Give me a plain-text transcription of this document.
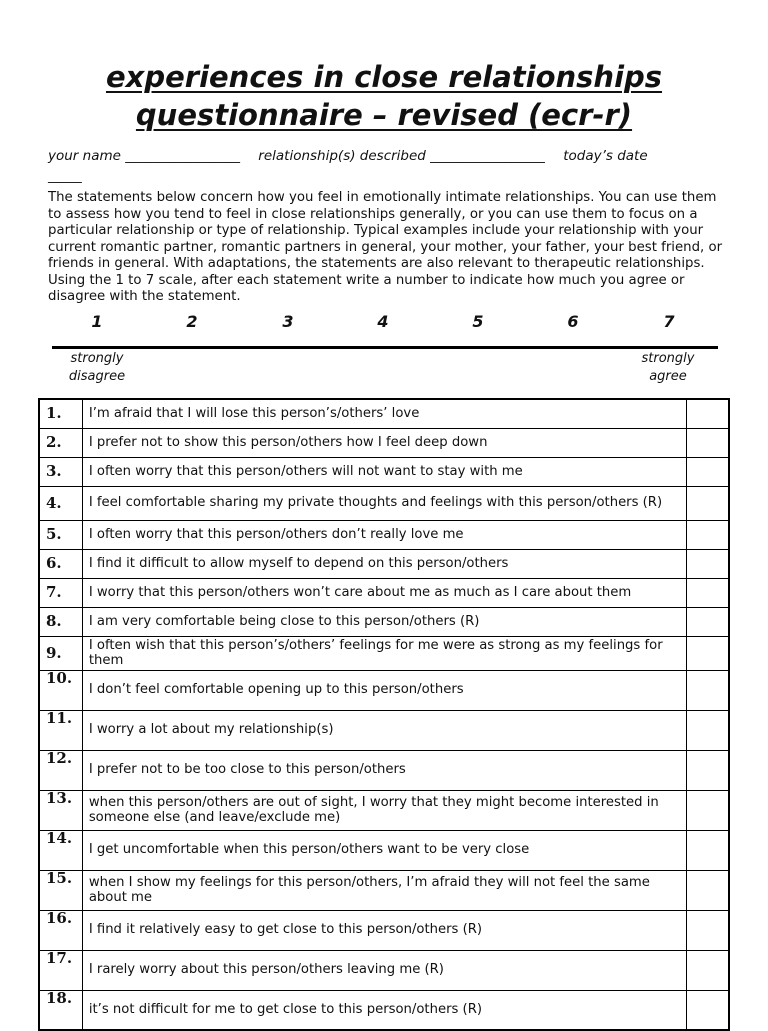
experiences in close relationships
questionnaire – revised (ecr-r)
your name _________________ relationship(s) described _________________ today’s date
_____
The statements below concern how you feel in emotionally intimate relationships. You can use them to assess how you tend to feel in close relationships generally, or you can use them to focus on a particular relationship or type of relationship. Typical examples include your relationship with your current romantic partner, romantic partners in general, your mother, your father, your best friend, or friends in general. With adaptations, the statements are also relevant to therapeutic relationships. Using the 1 to 7 scale, after each statement write a number to indicate how much you agree or disagree with the statement.
1	2	3	4	5	6	7
strongly disagree
strongly agree
1.	I’m afraid that I will lose this person’s/others’ love	
2.	I prefer not to show this person/others how I feel deep down	
3.	I often worry that this person/others will not want to stay with me	
4.	I feel comfortable sharing my private thoughts and feelings with this person/others (R)	
5.	I often worry that this person/others don’t really love me	
6.	I find it difficult to allow myself to depend on this person/others	
7.	I worry that this person/others won’t care about me as much as I care about them	
8.	I am very comfortable being close to this person/others (R)	
9.	I often wish that this person’s/others’ feelings for me were as strong as my feelings for them	
10.	I don’t feel comfortable opening up to this person/others	
11.	I worry a lot about my relationship(s)	
12.	I prefer not to be too close to this person/others	
13.	when this person/others are out of sight, I worry that they might become interested in someone else (and leave/exclude me)	
14.	I get uncomfortable when this person/others want to be very close	
15.	when I show my feelings for this person/others, I’m afraid they will not feel the same about me	
16.	I find it relatively easy to get close to this person/others (R)	
17.	I rarely worry about this person/others leaving me (R)	
18.	it’s not difficult for me to get close to this person/others (R)	
